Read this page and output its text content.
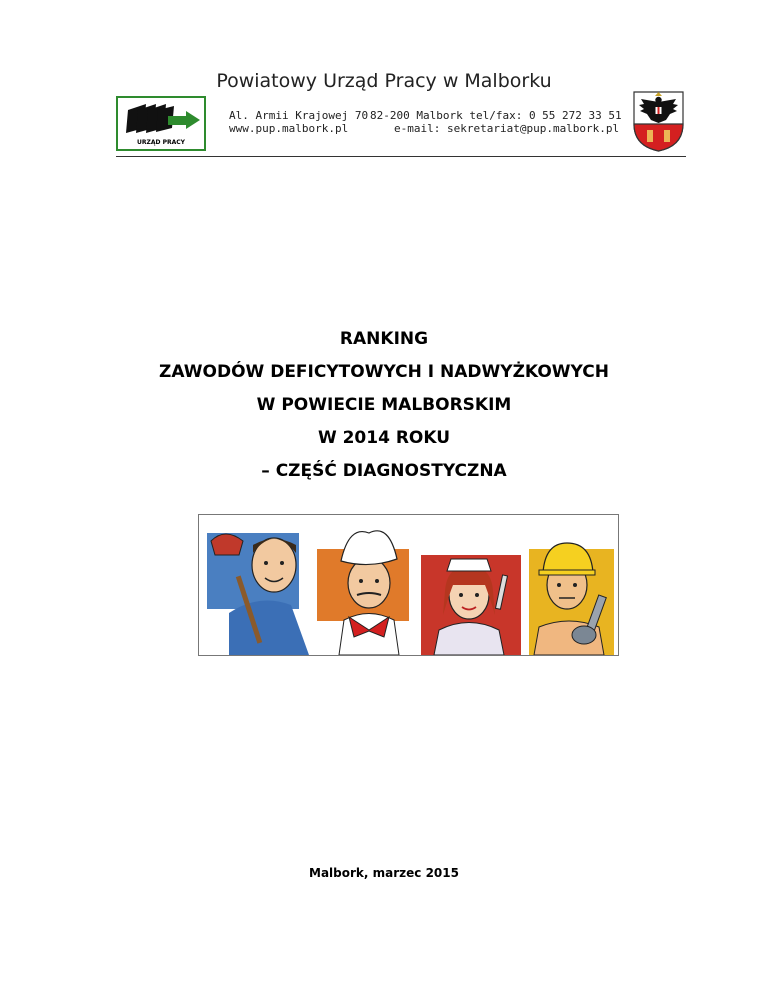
Powiatowy Urząd Pracy w Malborku
URZĄD PRACY
Al. Armii Krajowej 70
www.pup.malbork.pl
82-200 Malbork tel/fax: 0 55 272 33 51
e-mail: sekretariat@pup.malbork.pl
RANKING
ZAWODÓW DEFICYTOWYCH I NADWYŻKOWYCH
W POWIECIE MALBORSKIM
W 2014 ROKU
– CZĘŚĆ DIAGNOSTYCZNA
Malbork, marzec 2015
